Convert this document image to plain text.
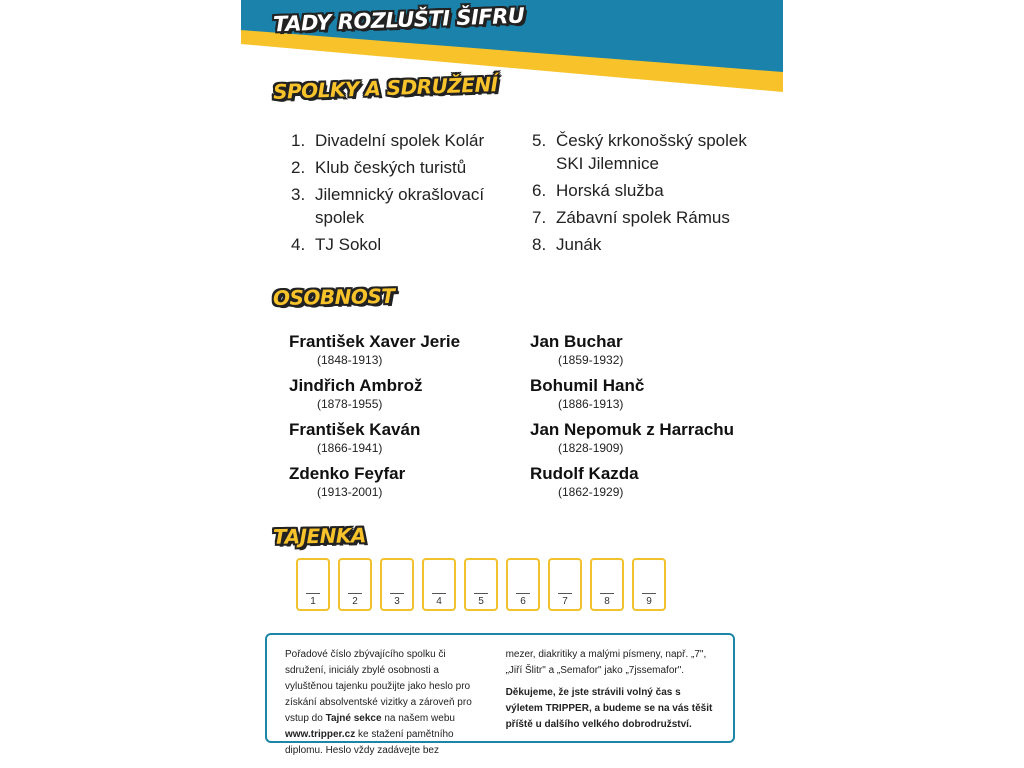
TADY ROZLUŠTI ŠIFRU
SPOLKY A SDRUŽENÍ
1. Divadelní spolek Kolár
2. Klub českých turistů
3. Jilemnický okrašlovací spolek
4. TJ Sokol
5. Český krkonošský spolek SKI Jilemnice
6. Horská služba
7. Zábavní spolek Rámus
8. Junák
OSOBNOST
František Xaver Jerie
(1848-1913)
Jindřich Ambrož
(1878-1955)
František Kaván
(1866-1941)
Zdenko Feyfar
(1913-2001)
Jan Buchar
(1859-1932)
Bohumil Hanč
(1886-1913)
Jan Nepomuk z Harrachu
(1828-1909)
Rudolf Kazda
(1862-1929)
TAJENKA
1	2	3	4	5	6	7	8	9
Pořadové číslo zbývajícího spolku či sdružení, iniciály zbylé osobnosti a vyluštěnou tajenku použijte jako heslo pro získání absolventské vizitky a zároveň pro vstup do Tajné sekce na našem webu www.tripper.cz ke stažení pamětního diplomu. Heslo vždy zadávejte bez
mezer, diakritiky a malými písmeny, např. „7", „Jiří Šlitr" a „Semafor" jako „7jssemafor".
Děkujeme, že jste strávili volný čas s výletem TRIPPER, a budeme se na vás těšit příště u dalšího velkého dobrodružství.
